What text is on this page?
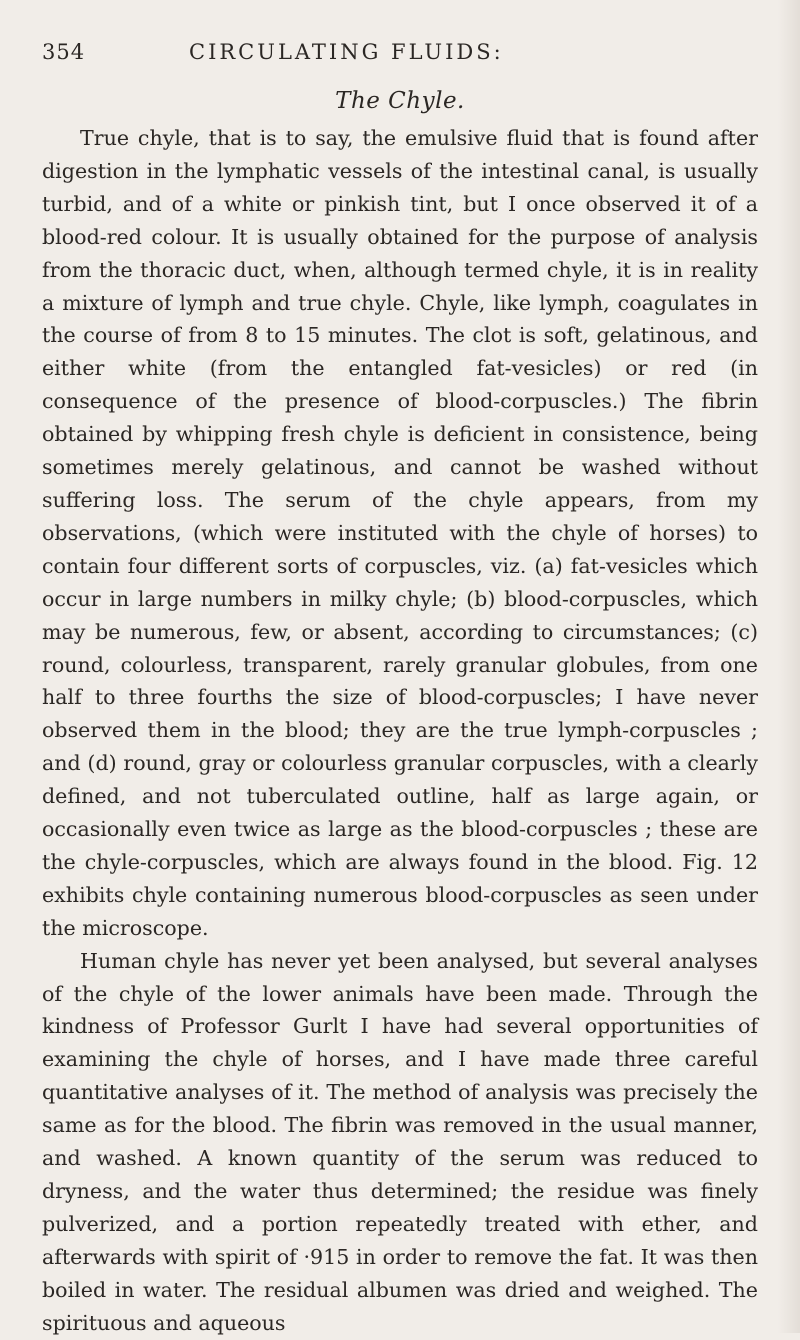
354	CIRCULATING FLUIDS:
The Chyle.

True chyle, that is to say, the emulsive fluid that is found after digestion in the lymphatic vessels of the intestinal canal, is usually turbid, and of a white or pinkish tint, but I once observed it of a blood-red colour. It is usually obtained for the purpose of analysis from the thoracic duct, when, although termed chyle, it is in reality a mixture of lymph and true chyle. Chyle, like lymph, coagulates in the course of from 8 to 15 minutes. The clot is soft, gelatinous, and either white (from the entangled fat-vesicles) or red (in consequence of the presence of blood-corpuscles.) The fibrin obtained by whipping fresh chyle is deficient in consistence, being sometimes merely gelatinous, and cannot be washed without suffering loss. The serum of the chyle appears, from my observations, (which were instituted with the chyle of horses) to contain four different sorts of corpuscles, viz. (a) fat-vesicles which occur in large numbers in milky chyle; (b) blood-corpuscles, which may be numerous, few, or absent, according to circumstances; (c) round, colourless, transparent, rarely granular globules, from one half to three fourths the size of blood-corpuscles; I have never observed them in the blood; they are the true lymph-corpuscles ; and (d) round, gray or colourless granular corpuscles, with a clearly defined, and not tuberculated outline, half as large again, or occasionally even twice as large as the blood-corpuscles ; these are the chyle-corpuscles, which are always found in the blood. Fig. 12 exhibits chyle containing numerous blood-corpuscles as seen under the microscope.

Human chyle has never yet been analysed, but several analyses of the chyle of the lower animals have been made. Through the kindness of Professor Gurlt I have had several opportunities of examining the chyle of horses, and I have made three careful quantitative analyses of it. The method of analysis was precisely the same as for the blood. The fibrin was removed in the usual manner, and washed. A known quantity of the serum was reduced to dryness, and the water thus determined; the residue was finely pulverized, and a portion repeatedly treated with ether, and afterwards with spirit of ·915 in order to remove the fat. It was then boiled in water. The residual albumen was dried and weighed. The spirituous and aqueous
